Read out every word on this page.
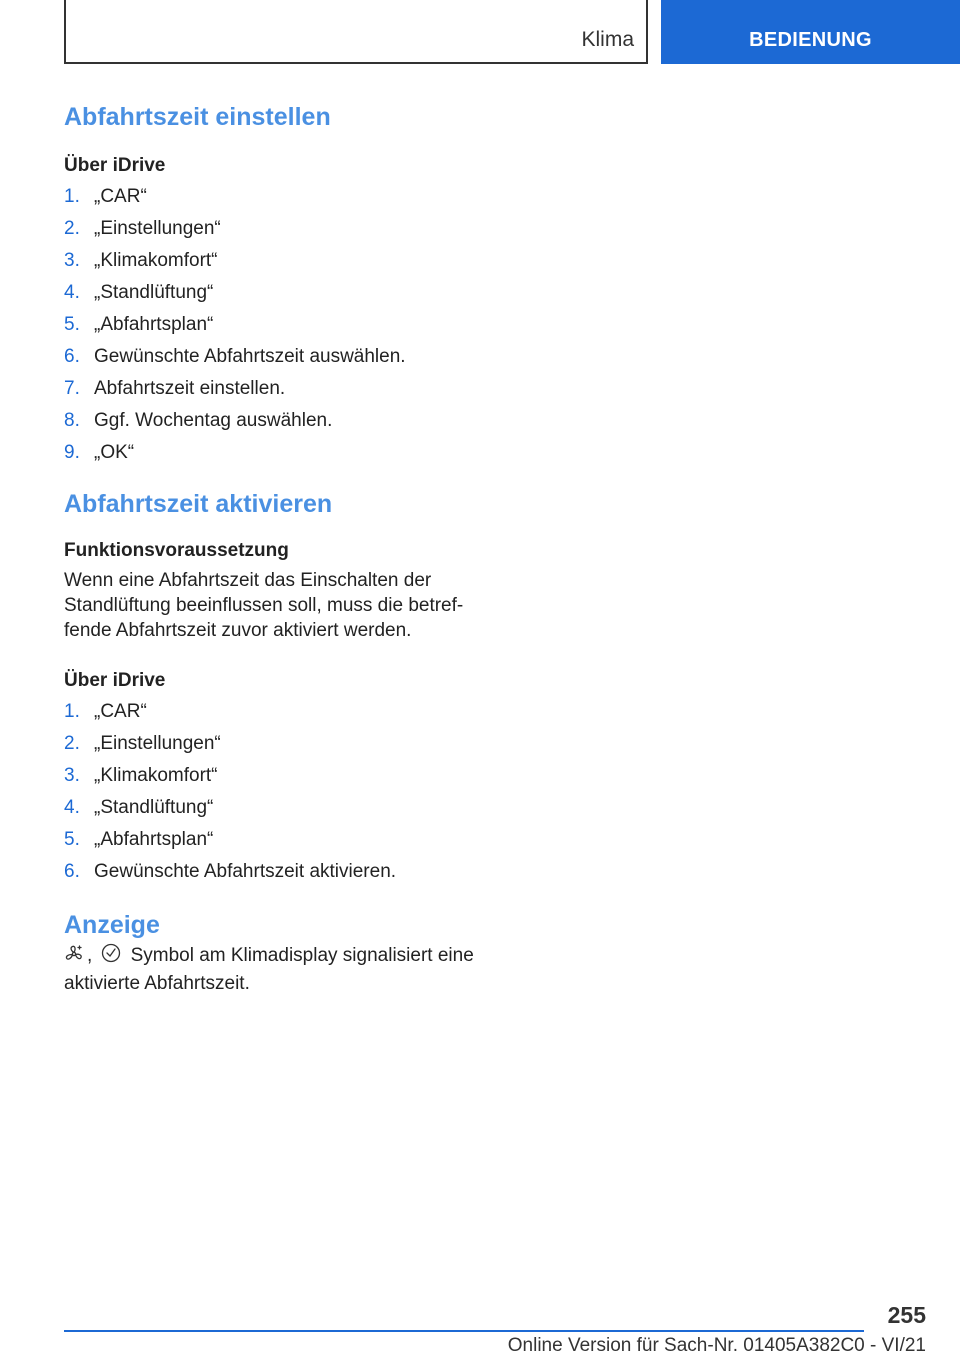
Klima	BEDIENUNG
Abfahrtszeit einstellen
Über iDrive
1. „CAR“
2. „Einstellungen“
3. „Klimakomfort“
4. „Standlüftung“
5. „Abfahrtsplan“
6. Gewünschte Abfahrtszeit auswählen.
7. Abfahrtszeit einstellen.
8. Ggf. Wochentag auswählen.
9. „OK“
Abfahrtszeit aktivieren
Funktionsvoraussetzung

Wenn eine Abfahrtszeit das Einschalten der Standlüftung beeinflussen soll, muss die betreffende Abfahrtszeit zuvor aktiviert werden.

Über iDrive
1. „CAR“
2. „Einstellungen“
3. „Klimakomfort“
4. „Standlüftung“
5. „Abfahrtsplan“
6. Gewünschte Abfahrtszeit aktivieren.
Anzeige

, Symbol am Klimadisplay signalisiert eine aktivierte Abfahrtszeit.

255
Online Version für Sach-Nr. 01405A382C0 - VI/21
